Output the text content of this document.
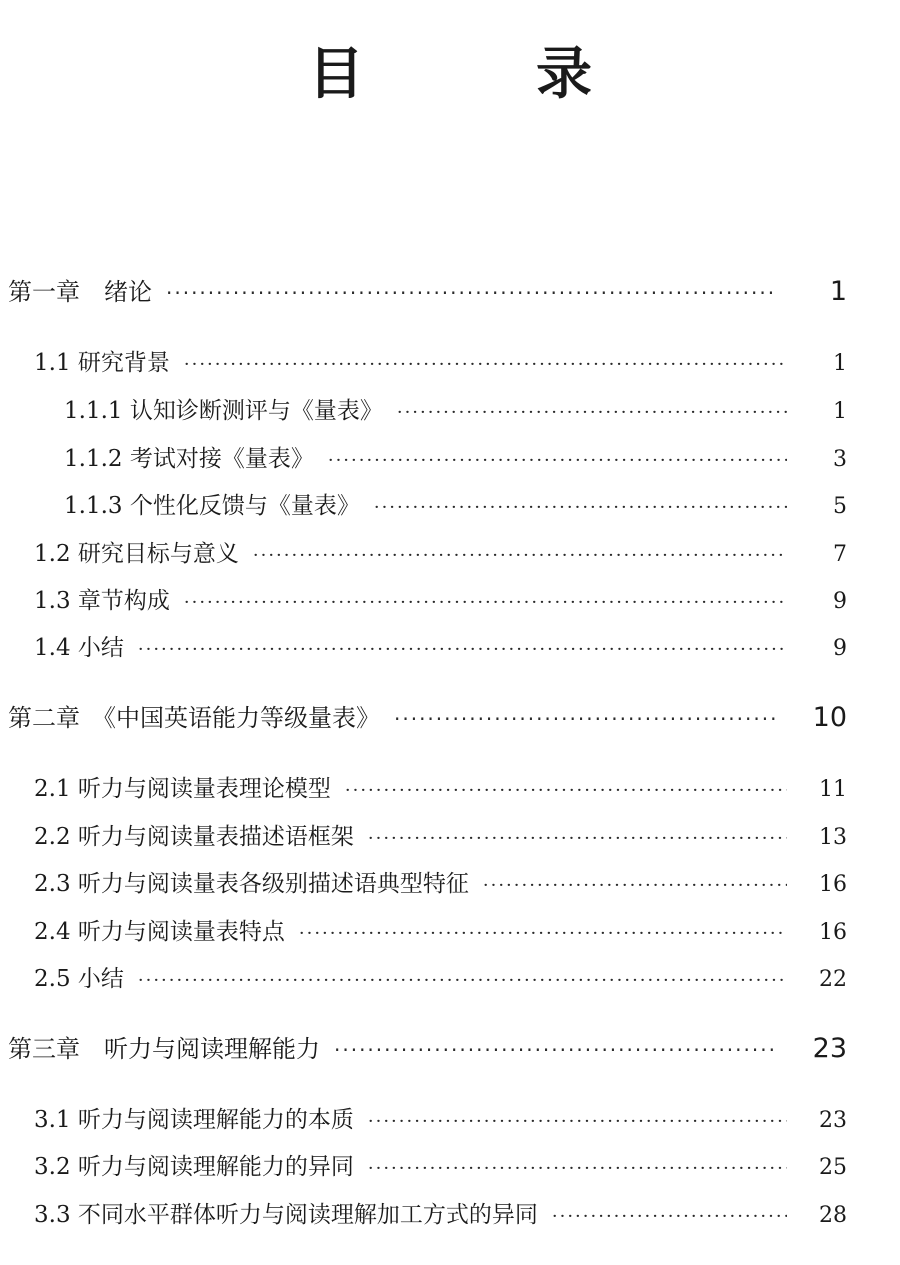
目　录
第一章　绪论 ·····	1
1.1 研究背景 ·····	1
1.1.1 认知诊断测评与《量表》 ·····	1
1.1.2 考试对接《量表》 ·····	3
1.1.3 个性化反馈与《量表》 ·····	5
1.2 研究目标与意义 ·····	7
1.3 章节构成 ·····	9
1.4 小结 ·····	9
第二章　《中国英语能力等级量表》 ·····	10
2.1 听力与阅读量表理论模型 ·····	11
2.2 听力与阅读量表描述语框架 ·····	13
2.3 听力与阅读量表各级别描述语典型特征 ·····	16
2.4 听力与阅读量表特点 ·····	16
2.5 小结 ·····	22
第三章　听力与阅读理解能力 ·····	23
3.1 听力与阅读理解能力的本质 ·····	23
3.2 听力与阅读理解能力的异同 ·····	25
3.3 不同水平群体听力与阅读理解加工方式的异同 ·····	28
